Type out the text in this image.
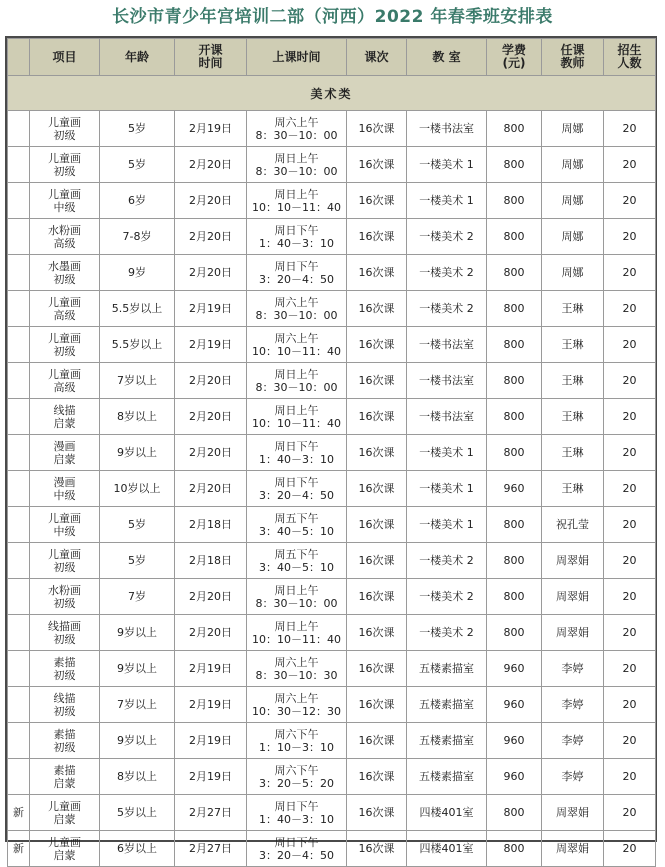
长沙市青少年宫培训二部（河西）2022 年春季班安排表

	项目	年龄	开课
时间	上课时间	课次	教 室	学费
(元)	任课
教师	招生
人数

美术类									

	儿童画
初级	5岁	2月19日	周六上午
8：30－10：00	16次课	一楼书法室	800	周娜	20

	儿童画
初级	5岁	2月20日	周日上午
8：30－10：00	16次课	一楼美术 1	800	周娜	20

	儿童画
中级	6岁	2月20日	周日上午
10：10－11：40	16次课	一楼美术 1	800	周娜	20

	水粉画
高级	7-8岁	2月20日	周日下午
1：40－3：10	16次课	一楼美术 2	800	周娜	20

	水墨画
初级	9岁	2月20日	周日下午
3：20－4：50	16次课	一楼美术 2	800	周娜	20

	儿童画
高级	5.5岁以上	2月19日	周六上午
8：30－10：00	16次课	一楼美术 2	800	王琳	20

	儿童画
初级	5.5岁以上	2月19日	周六上午
10：10－11：40	16次课	一楼书法室	800	王琳	20

	儿童画
高级	7岁以上	2月20日	周日上午
8：30－10：00	16次课	一楼书法室	800	王琳	20

	线描
启蒙	8岁以上	2月20日	周日上午
10：10－11：40	16次课	一楼书法室	800	王琳	20

	漫画
启蒙	9岁以上	2月20日	周日下午
1：40－3：10	16次课	一楼美术 1	800	王琳	20

	漫画
中级	10岁以上	2月20日	周日下午
3：20－4：50	16次课	一楼美术 1	960	王琳	20

	儿童画
中级	5岁	2月18日	周五下午
3：40－5：10	16次课	一楼美术 1	800	祝孔莹	20

	儿童画
初级	5岁	2月18日	周五下午
3：40－5：10	16次课	一楼美术 2	800	周翠娟	20

	水粉画
初级	7岁	2月20日	周日上午
8：30－10：00	16次课	一楼美术 2	800	周翠娟	20

	线描画
初级	9岁以上	2月20日	周日上午
10：10－11：40	16次课	一楼美术 2	800	周翠娟	20

	素描
初级	9岁以上	2月19日	周六上午
8：30－10：30	16次课	五楼素描室	960	李婷	20

	线描
初级	7岁以上	2月19日	周六上午
10：30－12：30	16次课	五楼素描室	960	李婷	20

	素描
初级	9岁以上	2月19日	周六下午
1：10－3：10	16次课	五楼素描室	960	李婷	20

	素描
启蒙	8岁以上	2月19日	周六下午
3：20－5：20	16次课	五楼素描室	960	李婷	20
新	儿童画
启蒙	5岁以上	2月27日	周日下午
1：40－3：10	16次课	四楼401室	800	周翠娟	20
新	儿童画
启蒙	6岁以上	2月27日	周日下午
3：20－4：50	16次课	四楼401室	800	周翠娟	20
